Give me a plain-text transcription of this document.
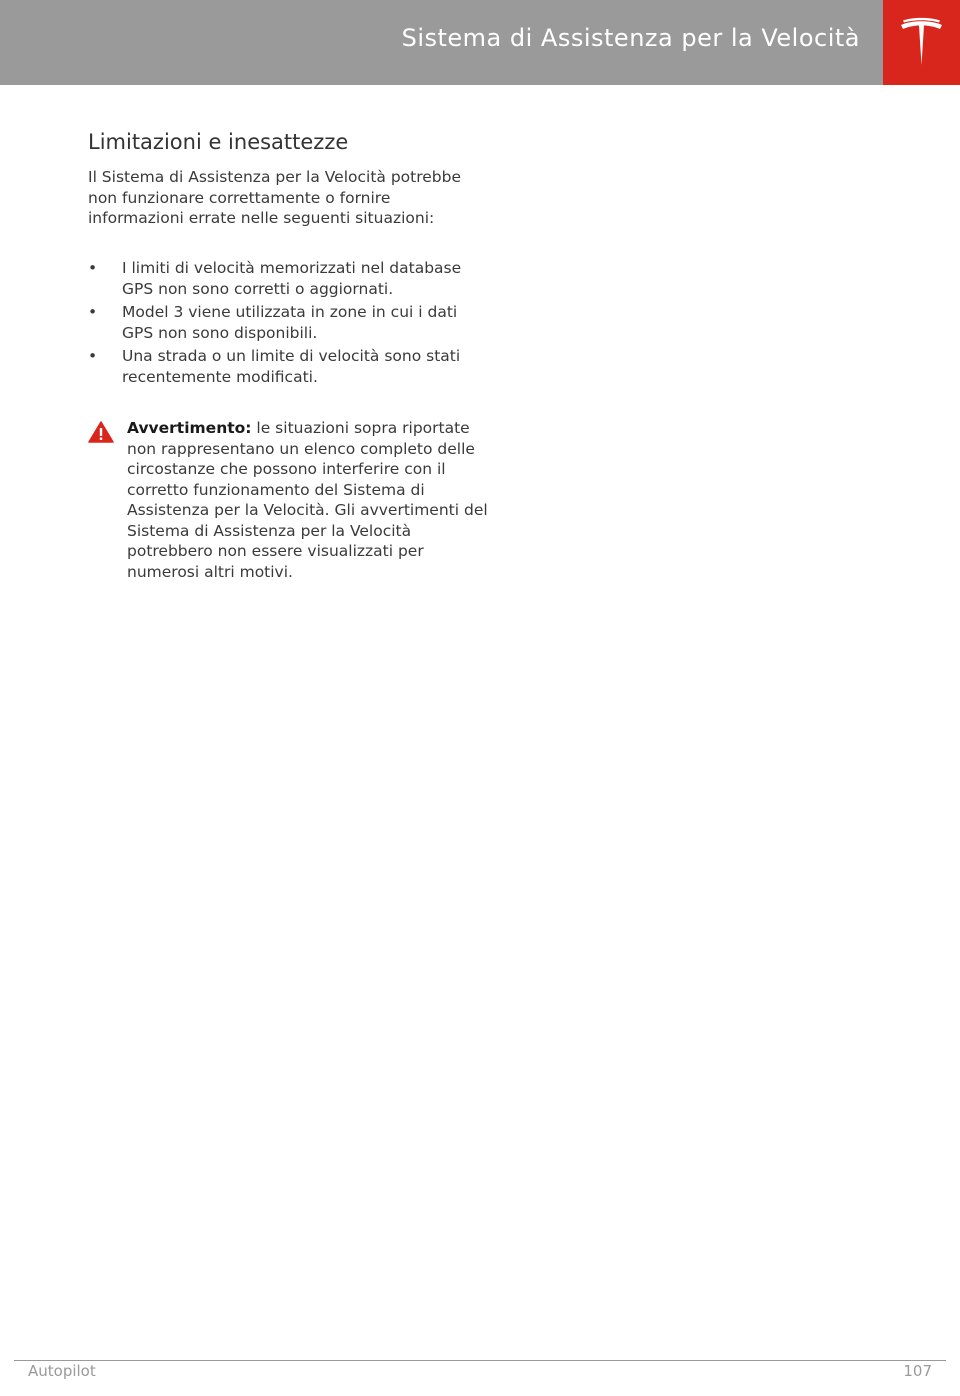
Sistema di Assistenza per la Velocità
Limitazioni e inesattezze

Il Sistema di Assistenza per la Velocità potrebbe non funzionare correttamente o fornire informazioni errate nelle seguenti situazioni:

•	I limiti di velocità memorizzati nel database GPS non sono corretti o aggiornati.
•	Model 3 viene utilizzata in zone in cui i dati GPS non sono disponibili.
•	Una strada o un limite di velocità sono stati recentemente modificati.

Avvertimento: le situazioni sopra riportate non rappresentano un elenco completo delle circostanze che possono interferire con il corretto funzionamento del Sistema di Assistenza per la Velocità. Gli avvertimenti del Sistema di Assistenza per la Velocità potrebbero non essere visualizzati per numerosi altri motivi.

Autopilot	107
